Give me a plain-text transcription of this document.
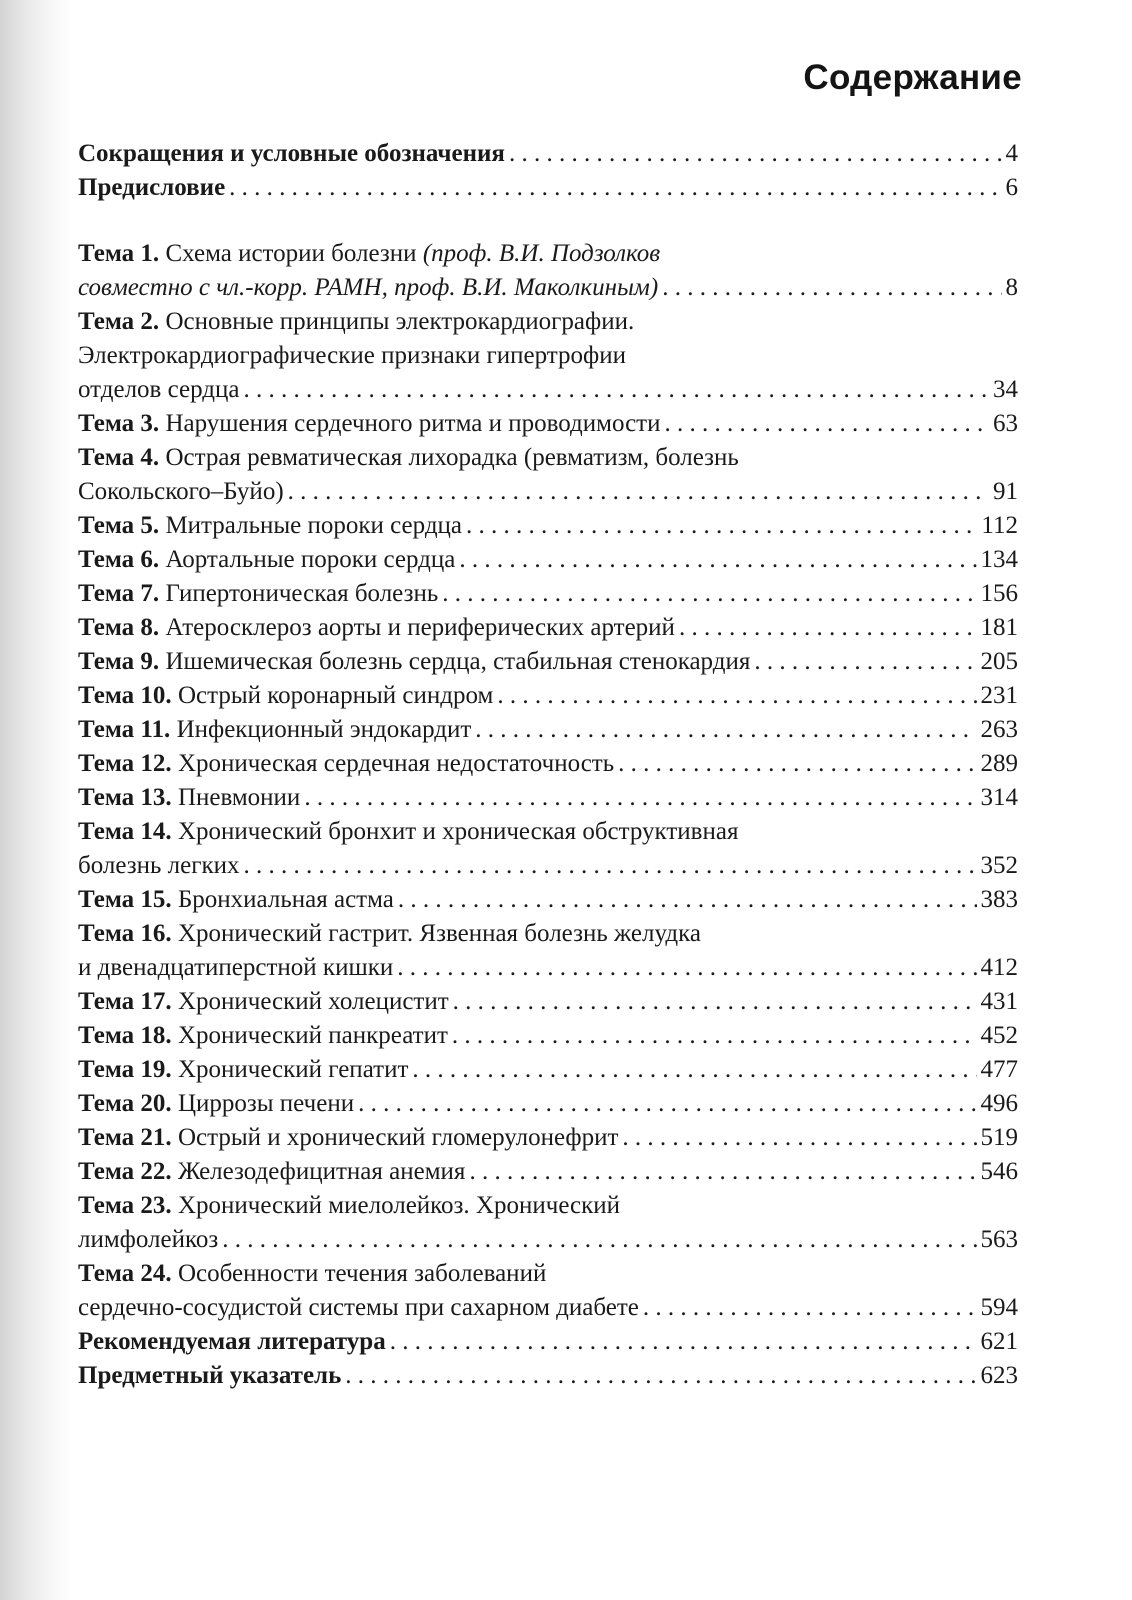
Содержание
Сокращения и условные обозначения . . .	4
Предисловие . . .	6
Тема 1. Схема истории болезни (проф. В.И. Подзолков
совместно с чл.-корр. РАМН, проф. В.И. Маколкиным) . . .	8
Тема 2. Основные принципы электрокардиографии.
Электрокардиографические признаки гипертрофии
отделов сердца . . .	34
Тема 3. Нарушения сердечного ритма и проводимости . . .	63
Тема 4. Острая ревматическая лихорадка (ревматизм, болезнь
Сокольского–Буйо) . . .	91
Тема 5. Митральные пороки сердца . . .	112
Тема 6. Аортальные пороки сердца . . .	134
Тема 7. Гипертоническая болезнь . . .	156
Тема 8. Атеросклероз аорты и периферических артерий . . .	181
Тема 9. Ишемическая болезнь сердца, стабильная стенокардия . . .	205
Тема 10. Острый коронарный синдром . . .	231
Тема 11. Инфекционный эндокардит . . .	263
Тема 12. Хроническая сердечная недостаточность . . .	289
Тема 13. Пневмонии . . .	314
Тема 14. Хронический бронхит и хроническая обструктивная
болезнь легких . . .	352
Тема 15. Бронхиальная астма . . .	383
Тема 16. Хронический гастрит. Язвенная болезнь желудка
и двенадцатиперстной кишки . . .	412
Тема 17. Хронический холецистит . . .	431
Тема 18. Хронический панкреатит . . .	452
Тема 19. Хронический гепатит . . .	477
Тема 20. Циррозы печени . . .	496
Тема 21. Острый и хронический гломерулонефрит . . .	519
Тема 22. Железодефицитная анемия . . .	546
Тема 23. Хронический миелолейкоз. Хронический
лимфолейкоз . . .	563
Тема 24. Особенности течения заболеваний
сердечно-сосудистой системы при сахарном диабете . . .	594
Рекомендуемая литература . . .	621
Предметный указатель . . .	623
